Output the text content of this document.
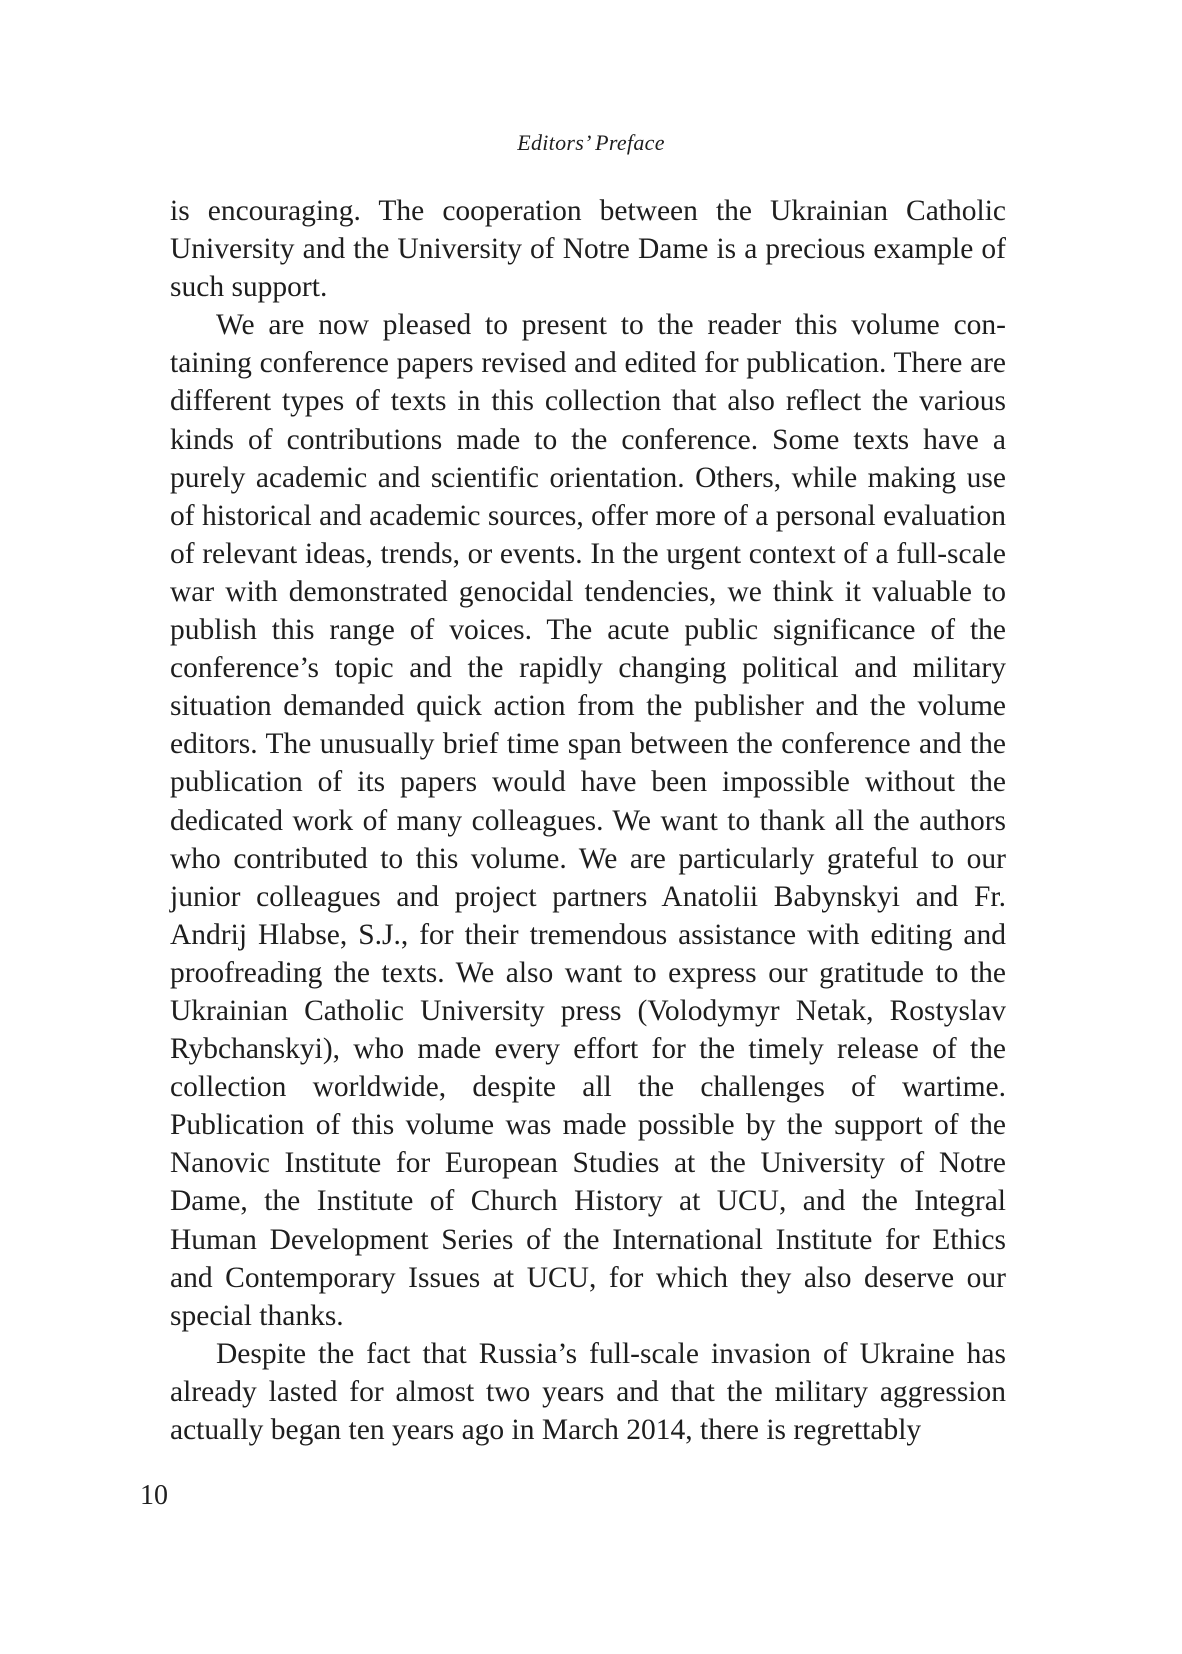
Editors’ Preface

is encouraging. The cooperation between the Ukrainian Catholic University and the University of Notre Dame is a precious example of such support.

We are now pleased to present to the reader this volume containing conference papers revised and edited for publication. There are different types of texts in this collection that also reflect the various kinds of contributions made to the conference. Some texts have a purely academic and scientific orientation. Others, while making use of historical and academic sources, offer more of a personal evaluation of relevant ideas, trends, or events. In the urgent context of a full-scale war with demonstrated genocidal tendencies, we think it valuable to publish this range of voices. The acute public significance of the conference’s topic and the rapidly changing political and military situation demanded quick action from the publisher and the volume editors. The unusually brief time span between the conference and the publication of its papers would have been impossible without the dedicated work of many colleagues. We want to thank all the authors who contributed to this volume. We are particularly grateful to our junior colleagues and project partners Anatolii Babynskyi and Fr. Andrij Hlabse, S.J., for their tremendous assistance with editing and proofreading the texts. We also want to express our gratitude to the Ukrainian Catholic University press (Volodymyr Netak, Rostyslav Rybchanskyi), who made every effort for the timely release of the collection worldwide, despite all the challenges of wartime. Publication of this volume was made possible by the support of the Nanovic Institute for European Studies at the University of Notre Dame, the Institute of Church History at UCU, and the Integral Human Development Series of the International Institute for Ethics and Contemporary Issues at UCU, for which they also deserve our special thanks.

Despite the fact that Russia’s full-scale invasion of Ukraine has already lasted for almost two years and that the military aggression actually began ten years ago in March 2014, there is regrettably

10
